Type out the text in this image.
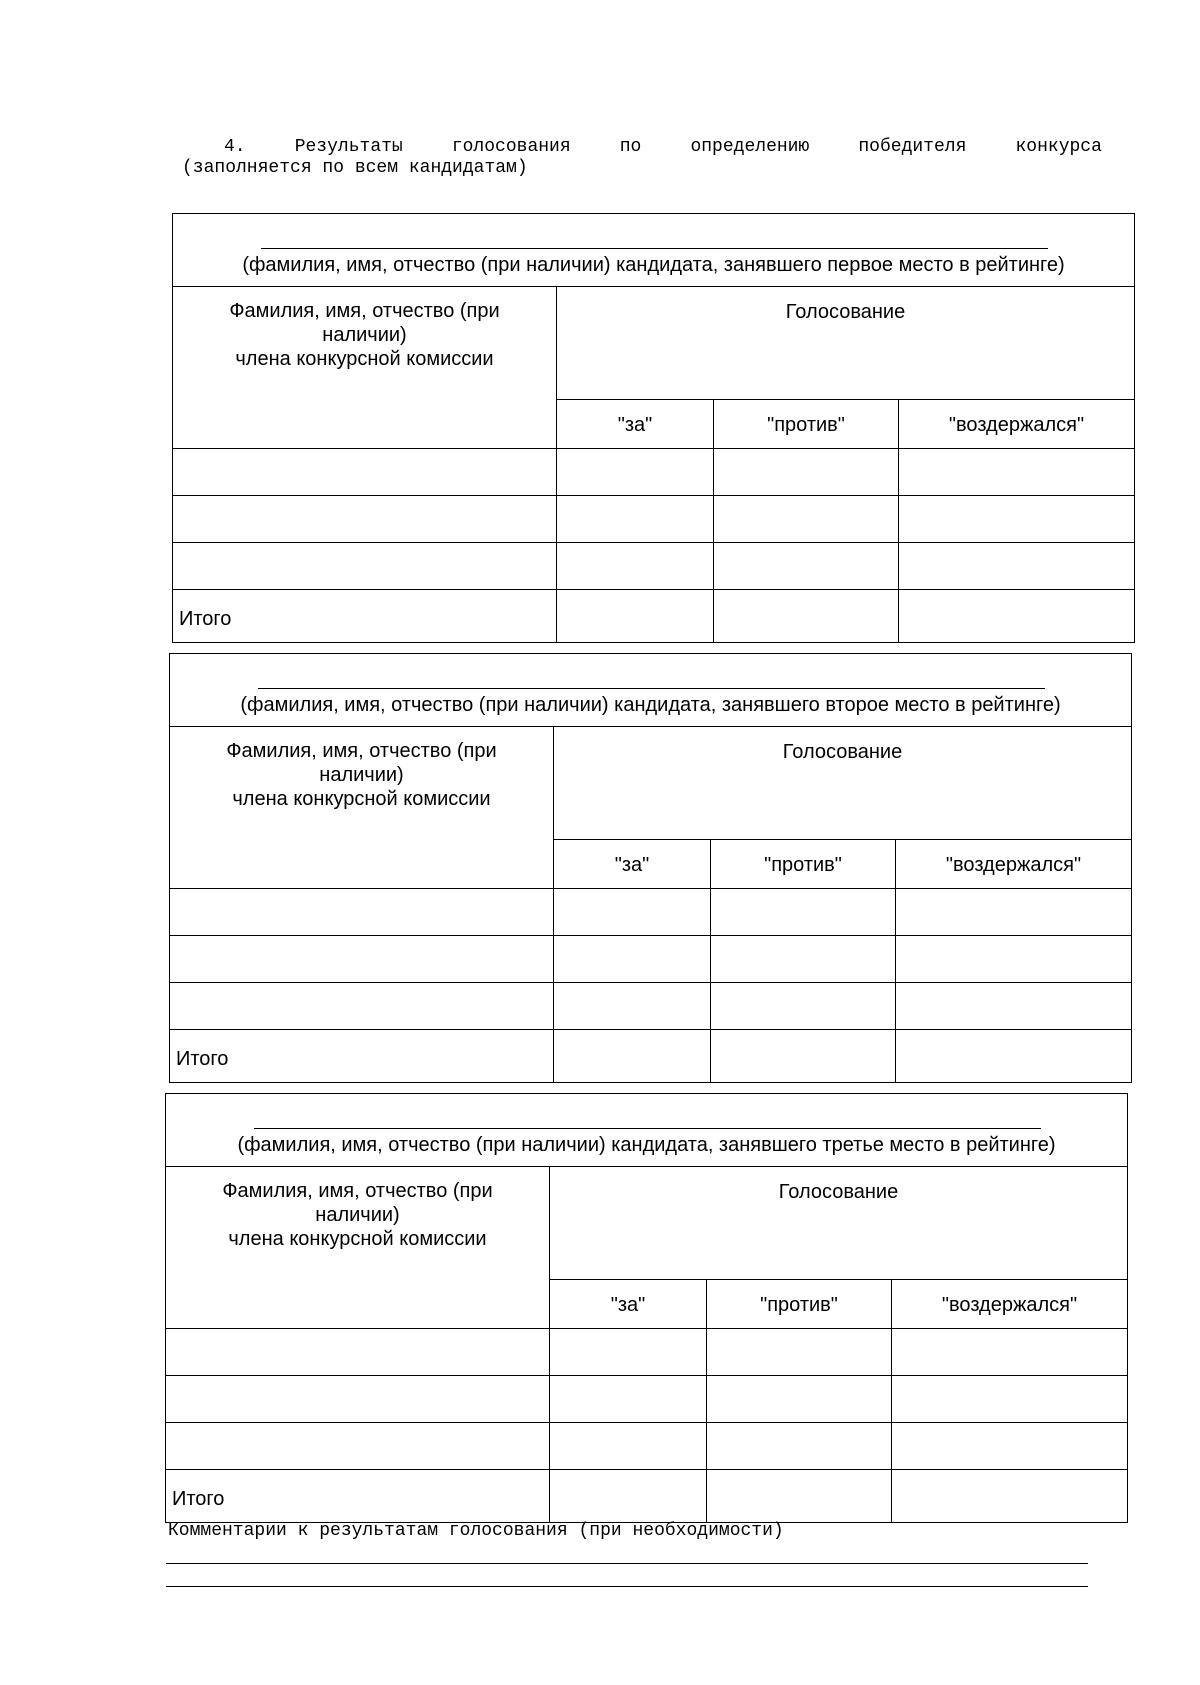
4.	Результаты	голосования	по	определению	победителя	конкурса
(заполняется по всем кандидатам)
(фамилия, имя, отчество (при наличии) кандидата, занявшего первое место в рейтинге)			

Фамилия, имя, отчество (при
наличии)
члена конкурсной комиссии	Голосование		
	"за"	"против"	"воздержался"

Итого			
(фамилия, имя, отчество (при наличии) кандидата, занявшего второе место в рейтинге)			

Фамилия, имя, отчество (при
наличии)
члена конкурсной комиссии	Голосование		
	"за"	"против"	"воздержался"

Итого			
(фамилия, имя, отчество (при наличии) кандидата, занявшего третье место в рейтинге)			

Фамилия, имя, отчество (при
наличии)
члена конкурсной комиссии	Голосование		
	"за"	"против"	"воздержался"

Итого			
Комментарии к результатам голосования (при необходимости)
